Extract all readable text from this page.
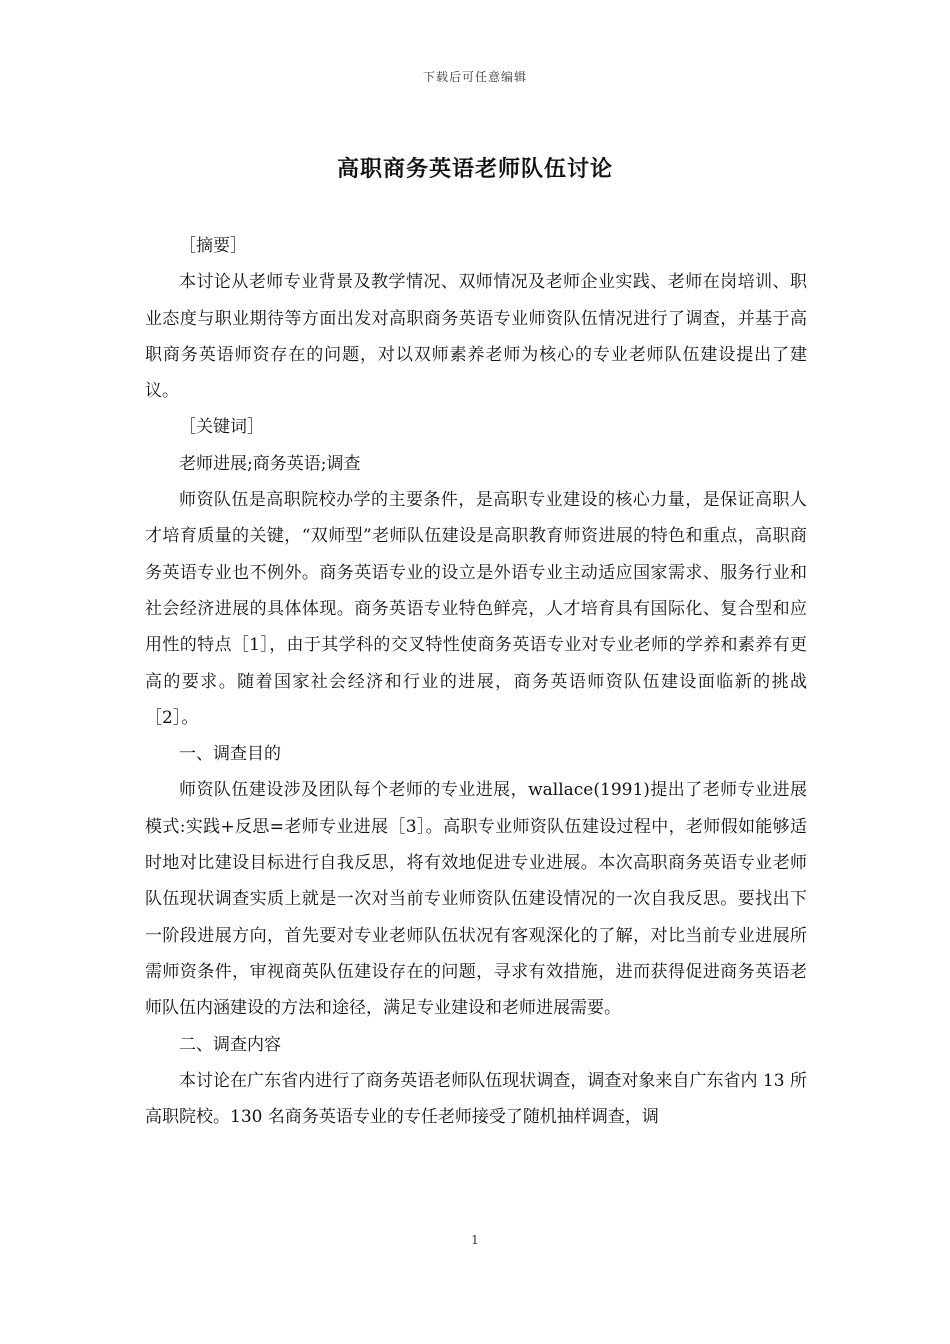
下载后可任意编辑
高职商务英语老师队伍讨论

［摘要］

本讨论从老师专业背景及教学情况、双师情况及老师企业实践、老师在岗培训、职业态度与职业期待等方面出发对高职商务英语专业师资队伍情况进行了调查，并基于高职商务英语师资存在的问题，对以双师素养老师为核心的专业老师队伍建设提出了建议。

［关键词］

老师进展;商务英语;调查

师资队伍是高职院校办学的主要条件，是高职专业建设的核心力量，是保证高职人才培育质量的关键，“双师型”老师队伍建设是高职教育师资进展的特色和重点，高职商务英语专业也不例外。商务英语专业的设立是外语专业主动适应国家需求、服务行业和社会经济进展的具体体现。商务英语专业特色鲜亮，人才培育具有国际化、复合型和应用性的特点［1］，由于其学科的交叉特性使商务英语专业对专业老师的学养和素养有更高的要求。随着国家社会经济和行业的进展，商务英语师资队伍建设面临新的挑战［2］。

一、调查目的

师资队伍建设涉及团队每个老师的专业进展，wallace(1991)提出了老师专业进展模式:实践+反思=老师专业进展［3］。高职专业师资队伍建设过程中，老师假如能够适时地对比建设目标进行自我反思，将有效地促进专业进展。本次高职商务英语专业老师队伍现状调查实质上就是一次对当前专业师资队伍建设情况的一次自我反思。要找出下一阶段进展方向，首先要对专业老师队伍状况有客观深化的了解，对比当前专业进展所需师资条件，审视商英队伍建设存在的问题，寻求有效措施，进而获得促进商务英语老师队伍内涵建设的方法和途径，满足专业建设和老师进展需要。

二、调查内容

本讨论在广东省内进行了商务英语老师队伍现状调查，调查对象来自广东省内 13 所高职院校。130 名商务英语专业的专任老师接受了随机抽样调查，调

1
